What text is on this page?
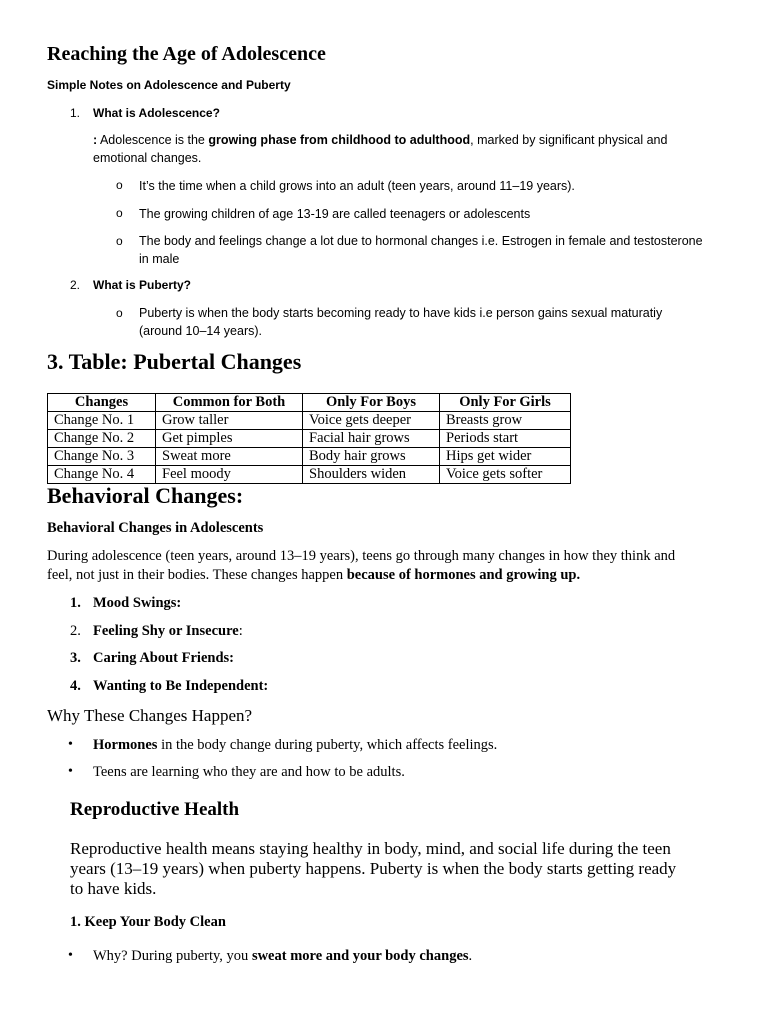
Reaching the Age of Adolescence
Simple Notes on Adolescence and Puberty
1. What is Adolescence?
: Adolescence is the growing phase from childhood to adulthood, marked by significant physical and
emotional changes.
o It’s the time when a child grows into an adult (teen years, around 11–19 years).
o The growing children of age 13-19 are called teenagers or adolescents
o The body and feelings change a lot due to hormonal changes i.e. Estrogen in female and testosterone
in male
2. What is Puberty?
o Puberty is when the body starts becoming ready to have kids i.e person gains sexual maturatiy
(around 10–14 years).
3. Table: Pubertal Changes
Changes	Common for Both	Only For Boys	Only For Girls
Change No. 1	Grow taller	Voice gets deeper	Breasts grow
Change No. 2	Get pimples	Facial hair grows	Periods start
Change No. 3	Sweat more	Body hair grows	Hips get wider
Change No. 4	Feel moody	Shoulders widen	Voice gets softer
Behavioral Changes:
Behavioral Changes in Adolescents
During adolescence (teen years, around 13–19 years), teens go through many changes in how they think and
feel, not just in their bodies. These changes happen because of hormones and growing up.
1. Mood Swings:
2. Feeling Shy or Insecure:
3. Caring About Friends:
4. Wanting to Be Independent:
Why These Changes Happen?
• Hormones in the body change during puberty, which affects feelings.
• Teens are learning who they are and how to be adults.
Reproductive Health
Reproductive health means staying healthy in body, mind, and social life during the teen
years (13–19 years) when puberty happens. Puberty is when the body starts getting ready
to have kids.
1. Keep Your Body Clean
• Why? During puberty, you sweat more and your body changes.
